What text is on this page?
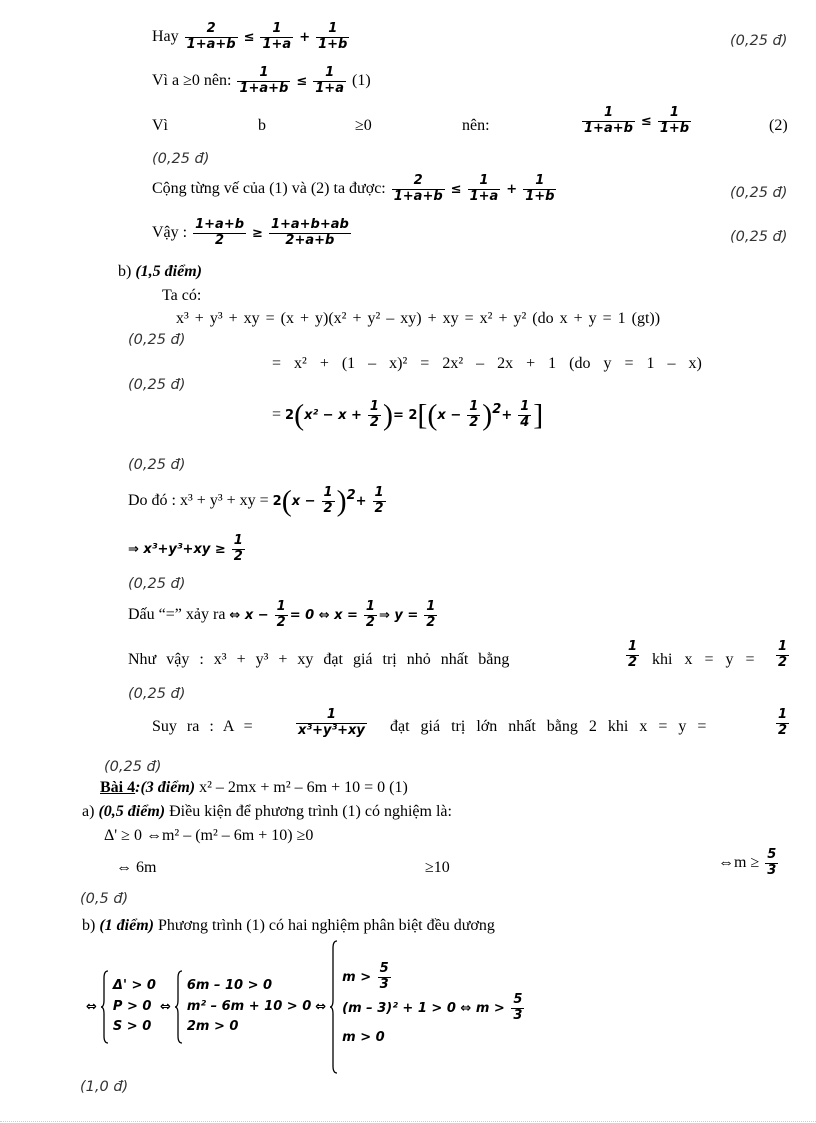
Hay $\frac{2}{1+a+b} \le \frac{1}{1+a} + \frac{1}{1+b}$	(0,25 đ)
Vì a ≥0 nên: $\frac{1}{1+a+b} \le \frac{1}{1+a} (1)$
Vì	b	≥0	nên:	$\frac{1}{1+a+b} \le \frac{1}{1+b}$	(2)
(0,25 đ)
Cộng từng vế của (1) và (2) ta được: $\frac{2}{1+a+b} \le \frac{1}{1+a} + \frac{1}{1+b}$	(0,25 đ)
Vậy : $\frac{1+a+b}{2} \ge \frac{1+a+b+ab}{2+a+b}$	(0,25 đ)
b) (1,5 điểm)
Ta có:
x³ + y³ + xy = (x + y)(x² + y² – xy) + xy = x² + y² (do x + y = 1 (gt))
(0,25 đ)
= x² + (1 – x)² = 2x² – 2x + 1 (do y = 1 – x)
(0,25 đ)
= $2(x^2 - x + \frac{1}{2}$ )= $2[(x - \frac{1}{2} )^2+ \frac{1}{4}$ ]
(0,25 đ)
Do đó : x³ + y³ + xy = $2(x - \frac{1}{2} )^2+ \frac{1}{2}$
⇒ $x^3+y^3+xy \ge \frac{1}{2}$
(0,25 đ)
Dấu “=” xảy ra ⇔ $x - \frac{1}{2} = 0$ ⇔ $x = \frac{1}{2}$ ⇒ $y = \frac{1}{2}$
Như vậy : x³ + y³ + xy đạt giá trị nhỏ nhất bằng	$\frac{1}{2}$ khi $x = y = \frac{1}{2}$
(0,25 đ)
Suy ra : A =	$\frac{1}{\text{x³+y³+xy}}$ đạt giá trị lớn nhất bằng 2 khi x = y =	$\frac{1}{2}$
(0,25 đ)
Bài 4:(3 điểm) x² – 2mx + m² – 6m + 10 = 0 (1)
a) (0,5 điểm) Điều kiện để phương trình (1) có nghiệm là:
Δ' ≥ 0 ⇔m² – (m² – 6m + 10) ≥0
⇔ 6m	≥10	⇔m ≥ $\frac{5}{3}$
(0,5 đ)
b) (1 điểm) Phương trình (1) có hai nghiệm phân biệt đều dương
⇔
Δ' > 0
P > 0
S > 0
⇔
6m – 10 > 0
m² – 6m + 10 > 0
2m > 0
⇔
$m > \frac{5}{3}$
(m – 3)² + 1 > 0 ⇔ $m > \frac{5}{3}$
m > 0
(1,0 đ)
